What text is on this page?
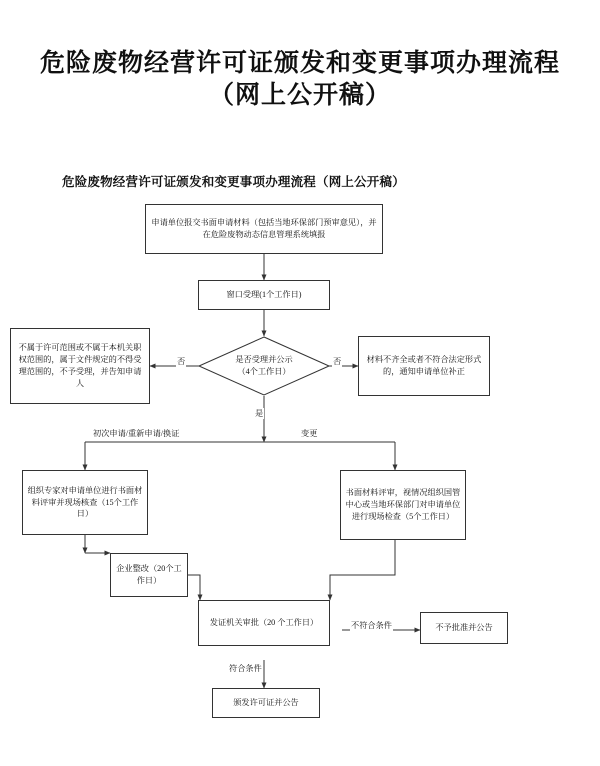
危险废物经营许可证颁发和变更事项办理流程
（网上公开稿）
危险废物经营许可证颁发和变更事项办理流程（网上公开稿）
申请单位报交书面申请材料（包括当地环保部门预审意见），并在危险废物动态信息管理系统填报
窗口受理(1个工作日)
是否受理并公示
（4个工作日）
不属于许可范围或不属于本机关职权范围的，属于文件规定的不得受理范围的，不予受理，并告知申请人
材料不齐全或者不符合法定形式的，通知申请单位补正
组织专家对申请单位进行书面材料评审并现场核查（15个工作日）
书面材料评审，视情况组织国管中心或当地环保部门对申请单位进行现场检查（5个工作日）
企业整改（20个工作日）
发证机关审批（20 个工作日）
不予批准并公告
颁发许可证并公告
否	否
是
初次申请/重新申请/换证	变更
不符合条件
符合条件
